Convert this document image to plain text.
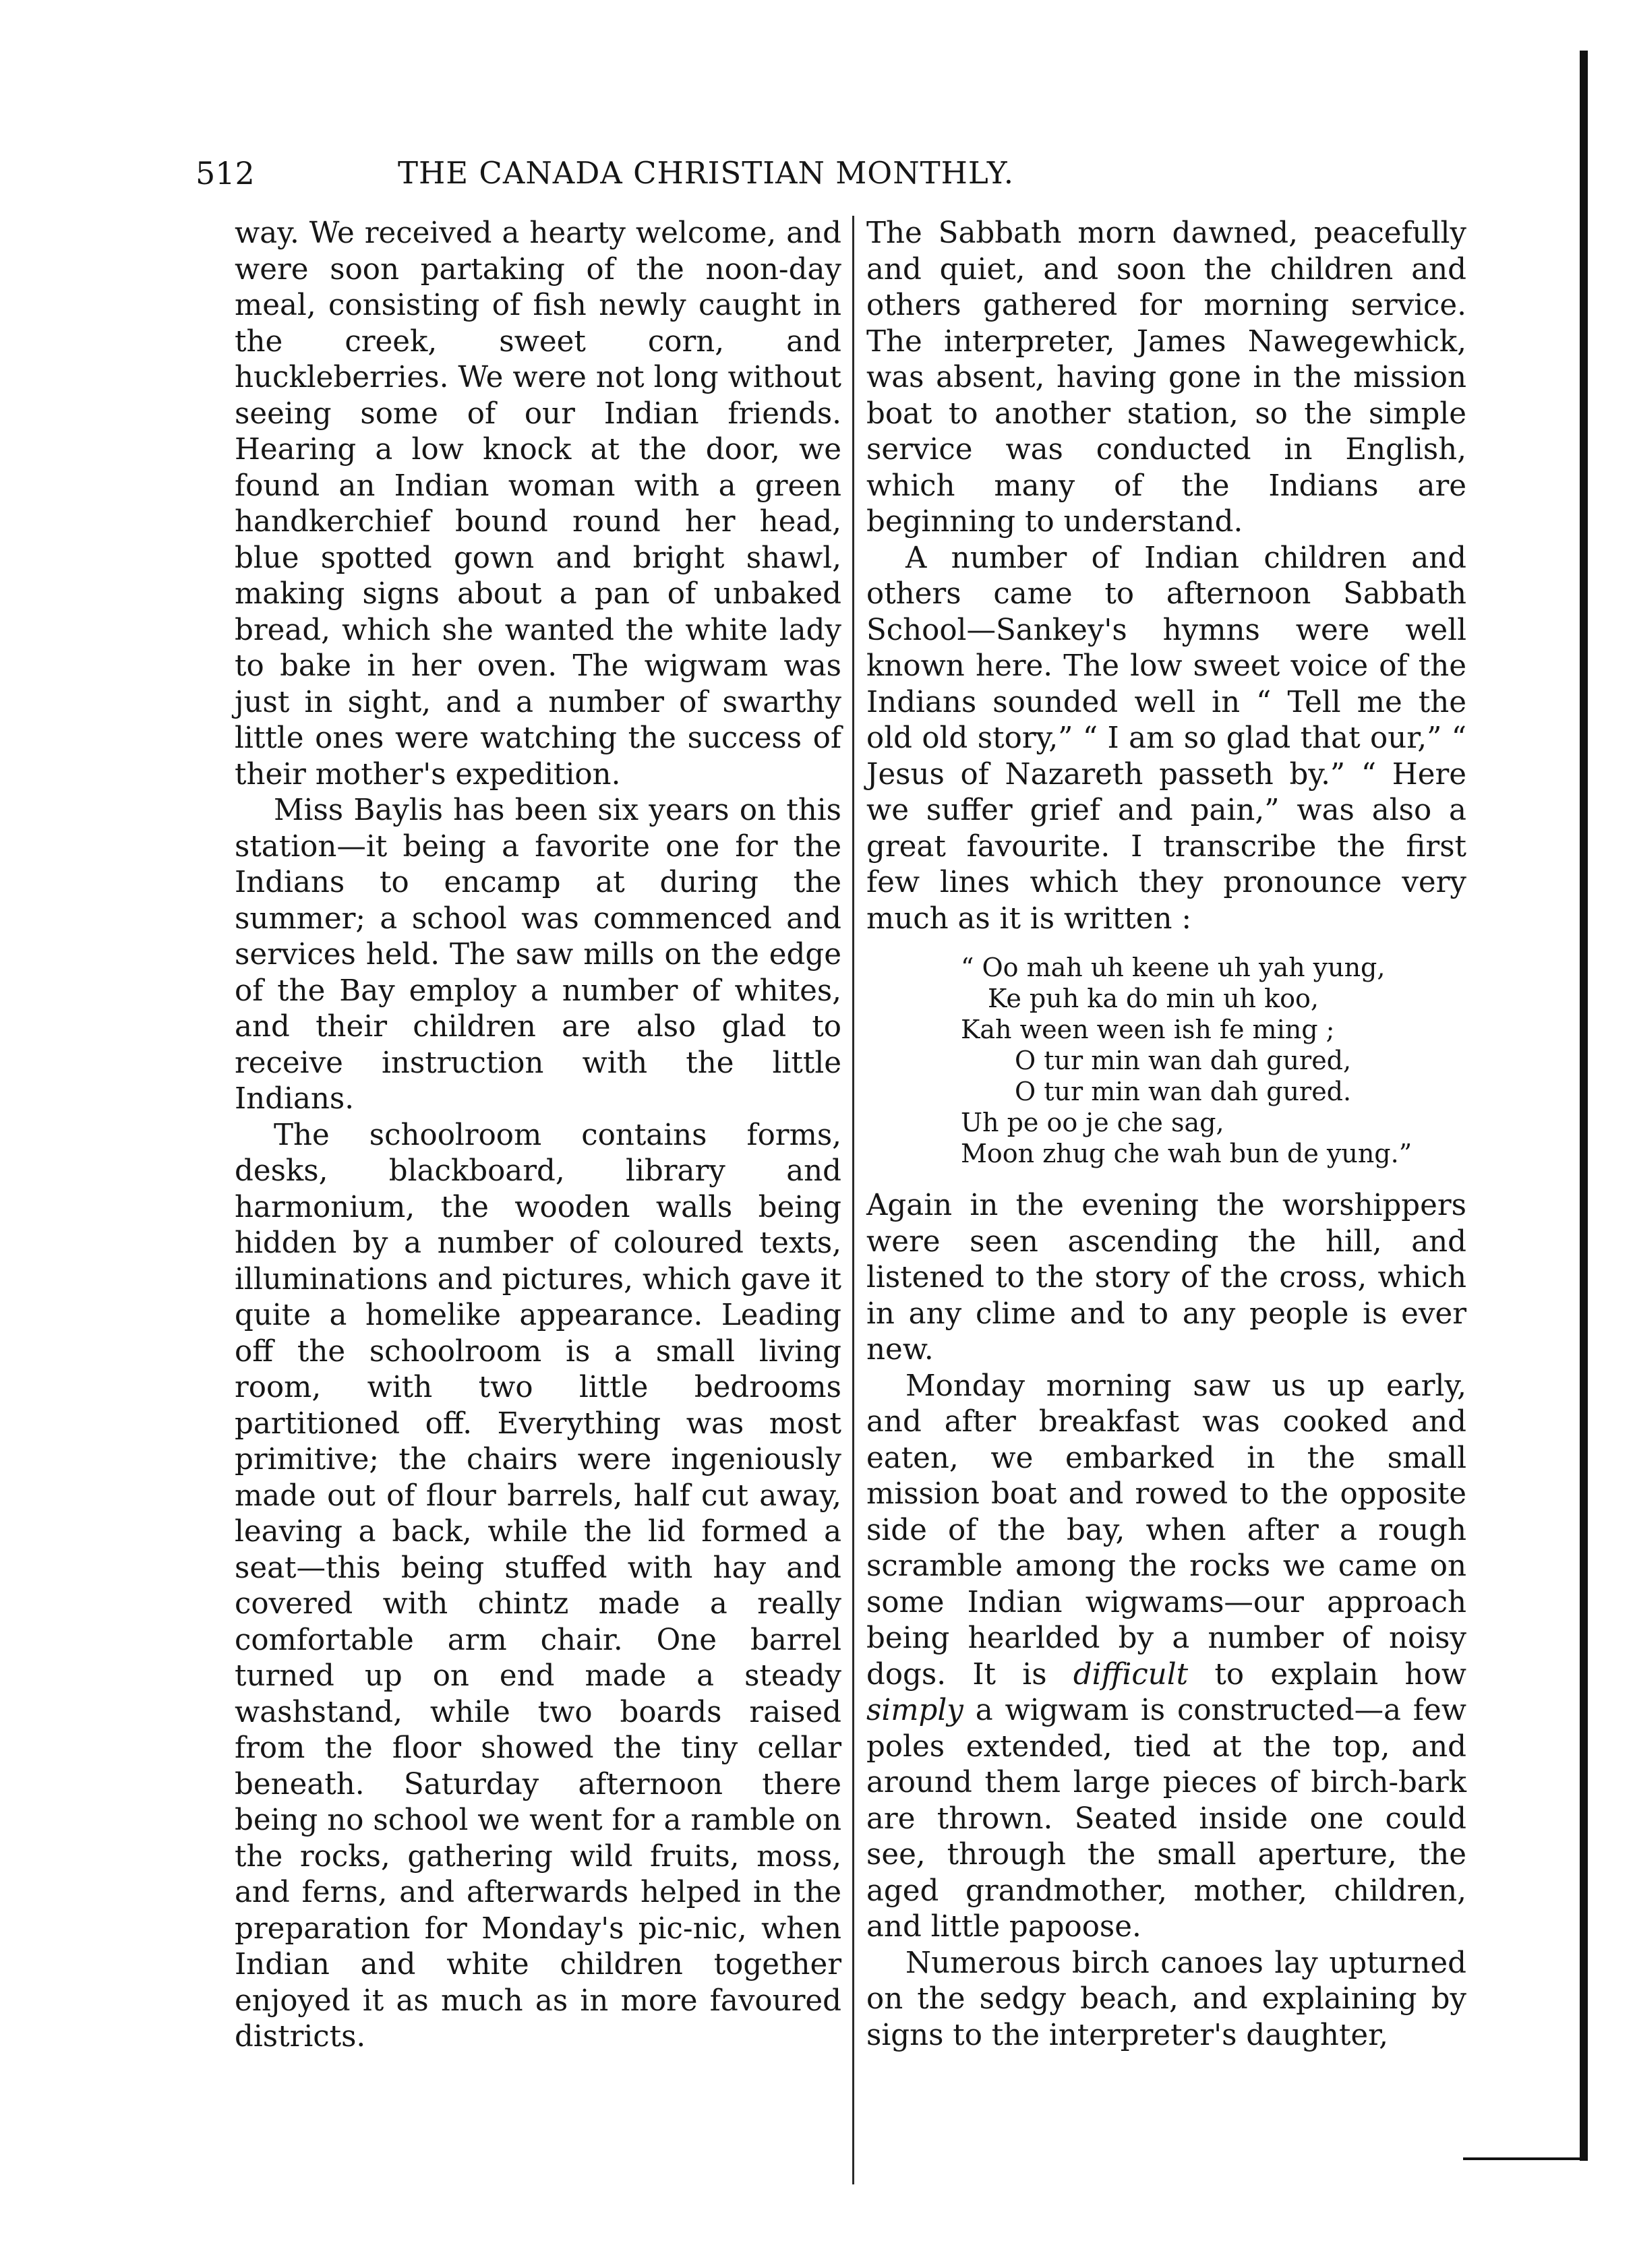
512	THE CANADA CHRISTIAN MONTHLY.

way. We received a hearty welcome, and were soon partaking of the noon-day meal, consisting of fish newly caught in the creek, sweet corn, and huckleberries. We were not long without seeing some of our Indian friends. Hearing a low knock at the door, we found an Indian woman with a green handkerchief bound round her head, blue spotted gown and bright shawl, making signs about a pan of unbaked bread, which she wanted the white lady to bake in her oven. The wigwam was just in sight, and a number of swarthy little ones were watching the success of their mother's expedition.

Miss Baylis has been six years on this station—it being a favorite one for the Indians to encamp at during the summer; a school was commenced and services held. The saw mills on the edge of the Bay employ a number of whites, and their children are also glad to receive instruction with the little Indians.

The schoolroom contains forms, desks, blackboard, library and harmonium, the wooden walls being hidden by a number of coloured texts, illuminations and pictures, which gave it quite a homelike appearance. Leading off the schoolroom is a small living room, with two little bedrooms partitioned off. Everything was most primitive; the chairs were ingeniously made out of flour barrels, half cut away, leaving a back, while the lid formed a seat—this being stuffed with hay and covered with chintz made a really comfortable arm chair. One barrel turned up on end made a steady washstand, while two boards raised from the floor showed the tiny cellar beneath. Saturday afternoon there being no school we went for a ramble on the rocks, gathering wild fruits, moss, and ferns, and afterwards helped in the preparation for Monday's pic-nic, when Indian and white children together enjoyed it as much as in more favoured districts.

The Sabbath morn dawned, peacefully and quiet, and soon the children and others gathered for morning service. The interpreter, James Nawegewhick, was absent, having gone in the mission boat to another station, so the simple service was conducted in English, which many of the Indians are beginning to understand.

A number of Indian children and others came to afternoon Sabbath School—Sankey's hymns were well known here. The low sweet voice of the Indians sounded well in “ Tell me the old old story,” “ I am so glad that our,” “ Jesus of Nazareth passeth by.” “ Here we suffer grief and pain,” was also a great favourite. I transcribe the first few lines which they pronounce very much as it is written :

“ Oo mah uh keene uh yah yung,
Ke puh ka do min uh koo,
Kah ween ween ish fe ming ;
O tur min wan dah gured,
O tur min wan dah gured.
Uh pe oo je che sag,
Moon zhug che wah bun de yung.”

Again in the evening the worshippers were seen ascending the hill, and listened to the story of the cross, which in any clime and to any people is ever new.

Monday morning saw us up early, and after breakfast was cooked and eaten, we embarked in the small mission boat and rowed to the opposite side of the bay, when after a rough scramble among the rocks we came on some Indian wigwams—our approach being hearlded by a number of noisy dogs. It is difficult to explain how simply a wigwam is constructed—a few poles extended, tied at the top, and around them large pieces of birch-bark are thrown. Seated inside one could see, through the small aperture, the aged grandmother, mother, children, and little papoose.

Numerous birch canoes lay upturned on the sedgy beach, and explaining by signs to the interpreter's daughter,
